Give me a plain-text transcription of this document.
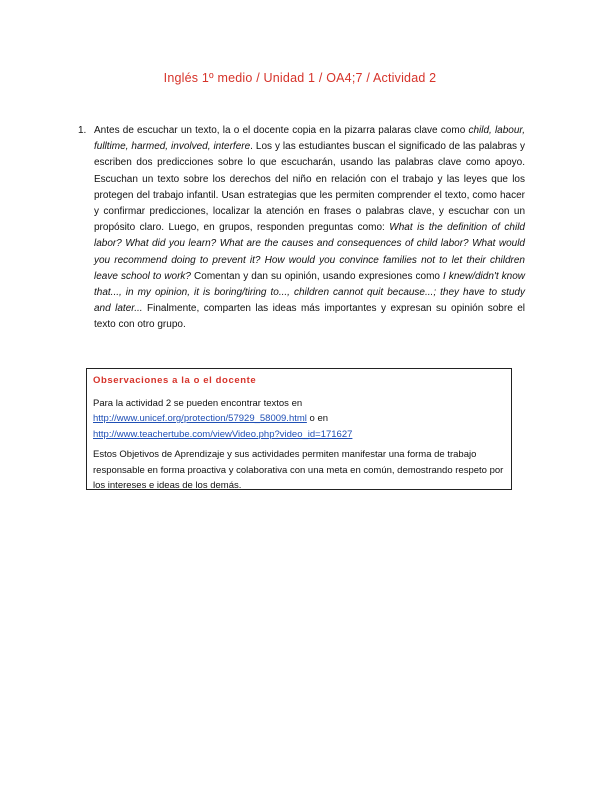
Inglés 1º medio / Unidad 1 / OA4;7 / Actividad 2
1. Antes de escuchar un texto, la o el docente copia en la pizarra palaras clave como child, labour, fulltime, harmed, involved, interfere. Los y las estudiantes buscan el significado de las palabras y escriben dos predicciones sobre lo que escucharán, usando las palabras clave como apoyo. Escuchan un texto sobre los derechos del niño en relación con el trabajo y las leyes que los protegen del trabajo infantil. Usan estrategias que les permiten comprender el texto, como hacer y confirmar predicciones, localizar la atención en frases o palabras clave, y escuchar con un propósito claro. Luego, en grupos, responden preguntas como: What is the definition of child labor? What did you learn? What are the causes and consequences of child labor? What would you recommend doing to prevent it? How would you convince families not to let their children leave school to work? Comentan y dan su opinión, usando expresiones como I knew/didn't know that..., in my opinion, it is boring/tiring to..., children cannot quit because...; they have to study and later... Finalmente, comparten las ideas más importantes y expresan su opinión sobre el texto con otro grupo.
Observaciones a la o el docente

Para la actividad 2 se pueden encontrar textos en
http://www.unicef.org/protection/57929_58009.html o en
http://www.teachertube.com/viewVideo.php?video_id=171627

Estos Objetivos de Aprendizaje y sus actividades permiten manifestar una forma de trabajo responsable en forma proactiva y colaborativa con una meta en común, demostrando respeto por los intereses e ideas de los demás.
